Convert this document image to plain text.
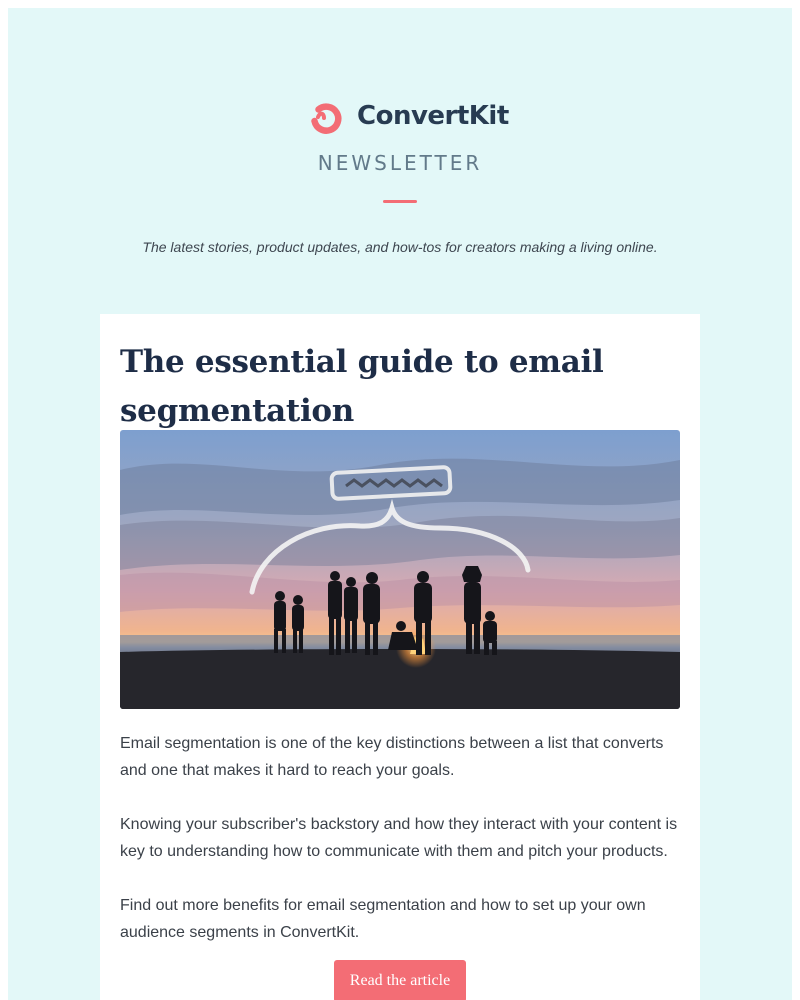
ConvertKit
NEWSLETTER
The latest stories, product updates, and how-tos for creators making a living online.
The essential guide to email segmentation

Email segmentation is one of the key distinctions between a list that converts and one that makes it hard to reach your goals.

Knowing your subscriber's backstory and how they interact with your content is key to understanding how to communicate with them and pitch your products.

Find out more benefits for email segmentation and how to set up your own audience segments in ConvertKit.

Read the article
